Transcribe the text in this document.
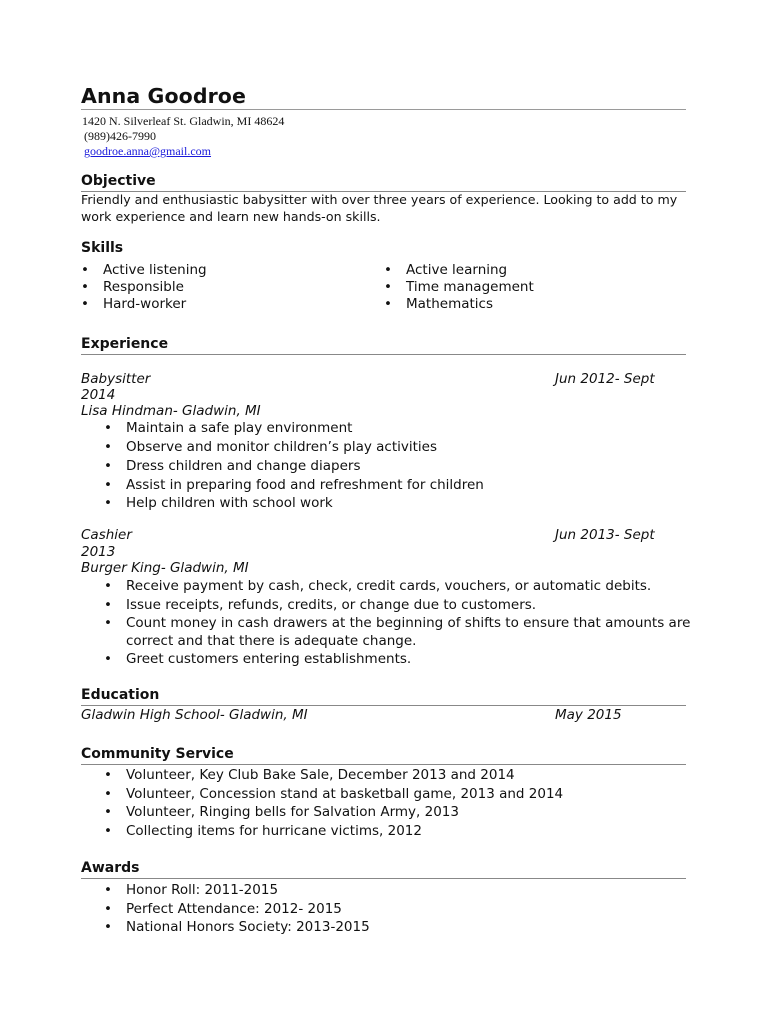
Anna Goodroe
1420 N. Silverleaf St. Gladwin, MI 48624
(989)426-7990
goodroe.anna@gmail.com
Objective
Friendly and enthusiastic babysitter with over three years of experience. Looking to add to my work experience and learn new hands-on skills.
Skills
• Active listening
• Responsible
• Hard-worker
• Active learning
• Time management
• Mathematics
Experience
Babysitter	Jun 2012- Sept
2014
Lisa Hindman- Gladwin, MI
• Maintain a safe play environment
• Observe and monitor children’s play activities
• Dress children and change diapers
• Assist in preparing food and refreshment for children
• Help children with school work
Cashier	Jun 2013- Sept
2013
Burger King- Gladwin, MI
• Receive payment by cash, check, credit cards, vouchers, or automatic debits.
• Issue receipts, refunds, credits, or change due to customers.
• Count money in cash drawers at the beginning of shifts to ensure that amounts are correct and that there is adequate change.
• Greet customers entering establishments.
Education
Gladwin High School- Gladwin, MI	May 2015
Community Service
• Volunteer, Key Club Bake Sale, December 2013 and 2014
• Volunteer, Concession stand at basketball game, 2013 and 2014
• Volunteer, Ringing bells for Salvation Army, 2013
• Collecting items for hurricane victims, 2012
Awards
• Honor Roll: 2011-2015
• Perfect Attendance: 2012- 2015
• National Honors Society: 2013-2015
